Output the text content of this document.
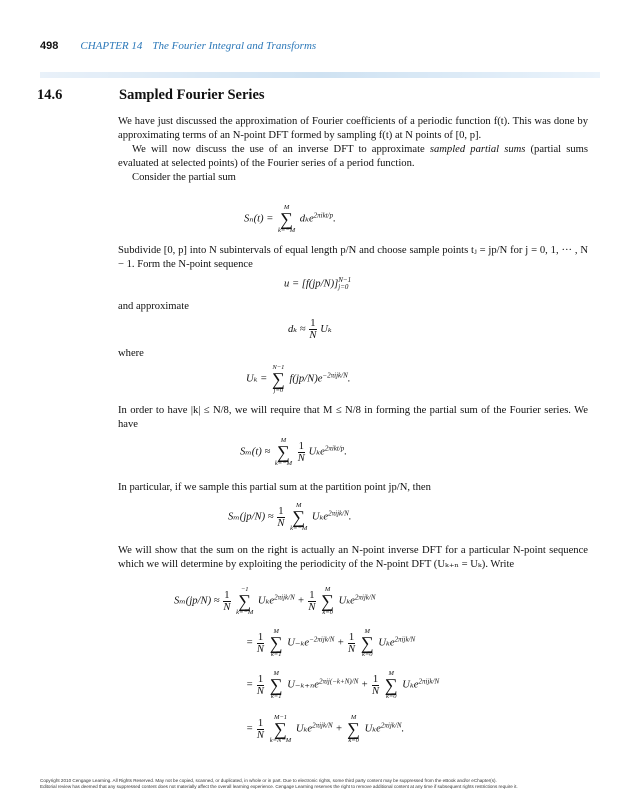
498 CHAPTER 14 The Fourier Integral and Transforms
14.6	Sampled Fourier Series

We have just discussed the approximation of Fourier coefficients of a periodic function f(t). This was done by approximating terms of an N-point DFT formed by sampling f(t) at N points of [0, p].

We will now discuss the use of an inverse DFT to approximate sampled partial sums (partial sums evaluated at selected points) of the Fourier series of a period function.

Consider the partial sum

Sₙ(t) =
M
∑
k=−M
dₖe$^{2\pi ikt/p}$.

Subdivide [0, p] into N subintervals of equal length p/N and choose sample points tⱼ = jp/N for j = 0, 1, ··· , N − 1. Form the N-point sequence

u = [f(jp/N)] N−1
j=0

and approximate

$d_k \approx \frac{1}{N}$ Uₖ

where

Uₖ =
N−1
∑
j=0
$f(jp/N)e^{-2\pi ijk/N}$.

In order to have |k| ≤ N/8, we will require that M ≤ N/8 in forming the partial sum of the Fourier series. We have

Sₘ(t) ≈
M
∑
k=−M
$\frac{1}{N} U_ke^{2\pi ikt/p}$.

In particular, if we sample this partial sum at the partition point jp/N, then

$S_m(jp/N) \approx \frac{1}{N}$
	M
∑
k=−M
Uₖe$^{2\pi ijk/N}$.

We will show that the sum on the right is actually an N-point inverse DFT for a particular N-point sequence which we will determine by exploiting the periodicity of the N-point DFT (Uₖ₊ₙ = Uₖ). Write

$S_m(jp/N) \approx \frac{1}{N}$
	−1
∑
k=−M
$U_ke^{2\pi ijk/N} + \frac{1}{N}$
	M
∑
k=0
Uₖe$^{2\pi ijk/N}$
= $\frac{1}{N}$
	M
∑
k=1
$U_{-k}e^{-2\pi ijk/N} + \frac{1}{N}$
	M
∑
k=0
Uₖe$^{2\pi ijk/N}$
= $\frac{1}{N}$
	M
∑
k=1
$U_{-k+n}e^{2\pi ij(-k+N)/N} + \frac{1}{N}$
	M
∑
k=0
Uₖe$^{2\pi ijk/N}$
= $\frac{1}{N}$
	M−1
∑
k=N−M
Uₖe$^{2\pi ijk/N}$ +
M
∑
k=0
Uₖe$^{2\pi ijk/N}$.
Copyright 2010 Cengage Learning. All Rights Reserved. May not be copied, scanned, or duplicated, in whole or in part. Due to electronic rights, some third party content may be suppressed from the eBook and/or eChapter(s).
Editorial review has deemed that any suppressed content does not materially affect the overall learning experience. Cengage Learning reserves the right to remove additional content at any time if subsequent rights restrictions require it.
